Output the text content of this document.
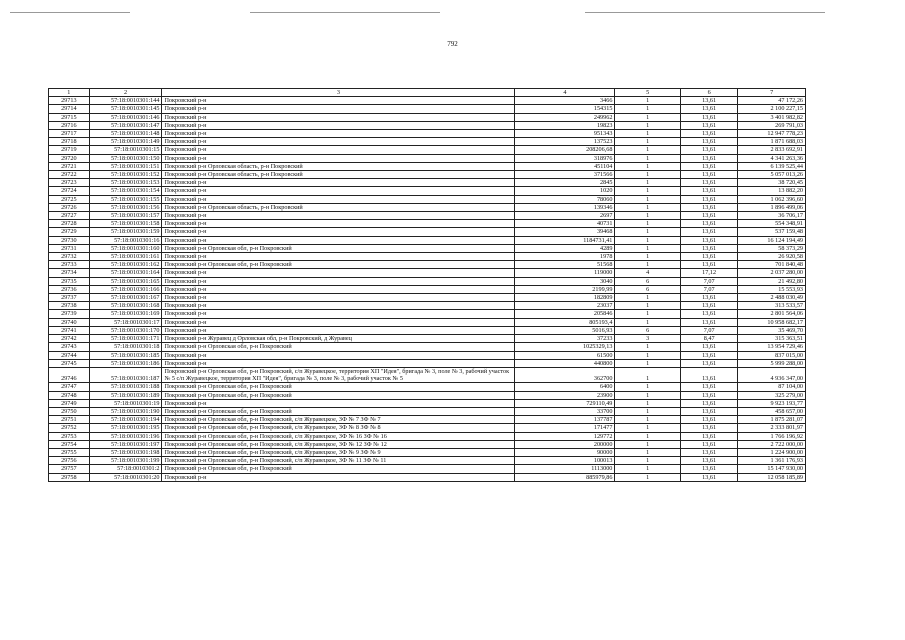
792
1	2	3	4	5	6	7
29713	57:18:0010301:144	Покровский р-н	3466	1	13,61	47 172,26
29714	57:18:0010301:145	Покровский р-н	154315	1	13,61	2 100 227,15
29715	57:18:0010301:146	Покровский р-н	249962	1	13,61	3 401 982,82
29716	57:18:0010301:147	Покровский р-н	19823	1	13,61	269 791,03
29717	57:18:0010301:148	Покровский р-н	951343	1	13,61	12 947 778,23
29718	57:18:0010301:149	Покровский р-н	137523	1	13,61	1 871 688,03
29719	57:18:0010301:15	Покровский р-н	208206,68	1	13,61	2 833 692,91
29720	57:18:0010301:150	Покровский р-н	318976	1	13,61	4 341 263,36
29721	57:18:0010301:151	Покровский р-н Орловская область, р-н Покровский	451104	1	13,61	6 139 525,44
29722	57:18:0010301:152	Покровский р-н Орловская область, р-н Покровский	371566	1	13,61	5 057 013,26
29723	57:18:0010301:153	Покровский р-н	2845	1	13,61	38 720,45
29724	57:18:0010301:154	Покровский р-н	1020	1	13,61	13 882,20
29725	57:18:0010301:155	Покровский р-н	78060	1	13,61	1 062 396,60
29726	57:18:0010301:156	Покровский р-н Орловская область, р-н Покровский	139346	1	13,61	1 896 499,06
29727	57:18:0010301:157	Покровский р-н	2697	1	13,61	36 706,17
29728	57:18:0010301:158	Покровский р-н	40731	1	13,61	554 348,91
29729	57:18:0010301:159	Покровский р-н	39468	1	13,61	537 159,48
29730	57:18:0010301:16	Покровский р-н	1184731,41	1	13,61	16 124 194,49
29731	57:18:0010301:160	Покровский р-н Орловская обл, р-н Покровский	4289	1	13,61	58 373,29
29732	57:18:0010301:161	Покровский р-н	1978	1	13,61	26 920,58
29733	57:18:0010301:162	Покровский р-н Орловская обл, р-н Покровский	51568	1	13,61	701 840,48
29734	57:18:0010301:164	Покровский р-н	119000	4	17,12	2 037 280,00
29735	57:18:0010301:165	Покровский р-н	3040	6	7,07	21 492,80
29736	57:18:0010301:166	Покровский р-н	2199,99	6	7,07	15 553,93
29737	57:18:0010301:167	Покровский р-н	182809	1	13,61	2 488 030,49
29738	57:18:0010301:168	Покровский р-н	23037	1	13,61	313 533,57
29739	57:18:0010301:169	Покровский р-н	205846	1	13,61	2 801 564,06
29740	57:18:0010301:17	Покровский р-н	805193,4	1	13,61	10 958 682,17
29741	57:18:0010301:170	Покровский р-н	5016,93	6	7,07	35 469,70
29742	57:18:0010301:171	Покровский р-н Журавец д Орловская обл, р-н Покровский, д Журавец	37233	3	8,47	315 363,51
29743	57:18:0010301:18	Покровский р-н Орловская обл, р-н Покровский	1025329,13	1	13,61	13 954 729,46
29744	57:18:0010301:185	Покровский р-н	61500	1	13,61	837 015,00
29745	57:18:0010301:186	Покровский р-н	440800	1	13,61	5 999 288,00
29746	57:18:0010301:187	Покровский р-н Орловская обл, р-н Покровский, с/п Журавецкое, территория ХП "Идея", бригада № 3, поле № 3, рабочий участок № 5 с/п Журавецкое, территория ХП "Идея", бригада № 3, поле № 3, рабочий участок № 5	362700	1	13,61	4 936 347,00
29747	57:18:0010301:188	Покровский р-н Орловская обл, р-н Покровский	6400	1	13,61	87 104,00
29748	57:18:0010301:189	Покровский р-н Орловская обл, р-н Покровский	23900	1	13,61	325 279,00
29749	57:18:0010301:19	Покровский р-н	729110,49	1	13,61	9 923 193,77
29750	57:18:0010301:190	Покровский р-н Орловская обл, р-н Покровский	33700	1	13,61	458 657,00
29751	57:18:0010301:194	Покровский р-н Орловская обл, р-н Покровский, с/п Журавецкое, ЗФ № 7 ЗФ № 7	137787	1	13,61	1 875 281,07
29752	57:18:0010301:195	Покровский р-н Орловская обл, р-н Покровский, с/п Журавецкое, ЗФ № 8 ЗФ № 8	171477	1	13,61	2 333 801,97
29753	57:18:0010301:196	Покровский р-н Орловская обл, р-н Покровский, с/п Журавецкое, ЗФ № 16 ЗФ № 16	129772	1	13,61	1 766 196,92
29754	57:18:0010301:197	Покровский р-н Орловская обл, р-н Покровский, с/п Журавецкое, ЗФ № 12 ЗФ № 12	200000	1	13,61	2 722 000,00
29755	57:18:0010301:198	Покровский р-н Орловская обл, р-н Покровский, с/п Журавецкое, ЗФ № 9 ЗФ № 9	90000	1	13,61	1 224 900,00
29756	57:18:0010301:199	Покровский р-н Орловская обл, р-н Покровский, с/п Журавецкое, ЗФ № 11 ЗФ № 11	100013	1	13,61	1 361 176,93
29757	57:18:0010301:2	Покровский р-н Орловская обл, р-н Покровский	1113000	1	13,61	15 147 930,00
29758	57:18:0010301:20	Покровский р-н	885979,86	1	13,61	12 058 185,89
